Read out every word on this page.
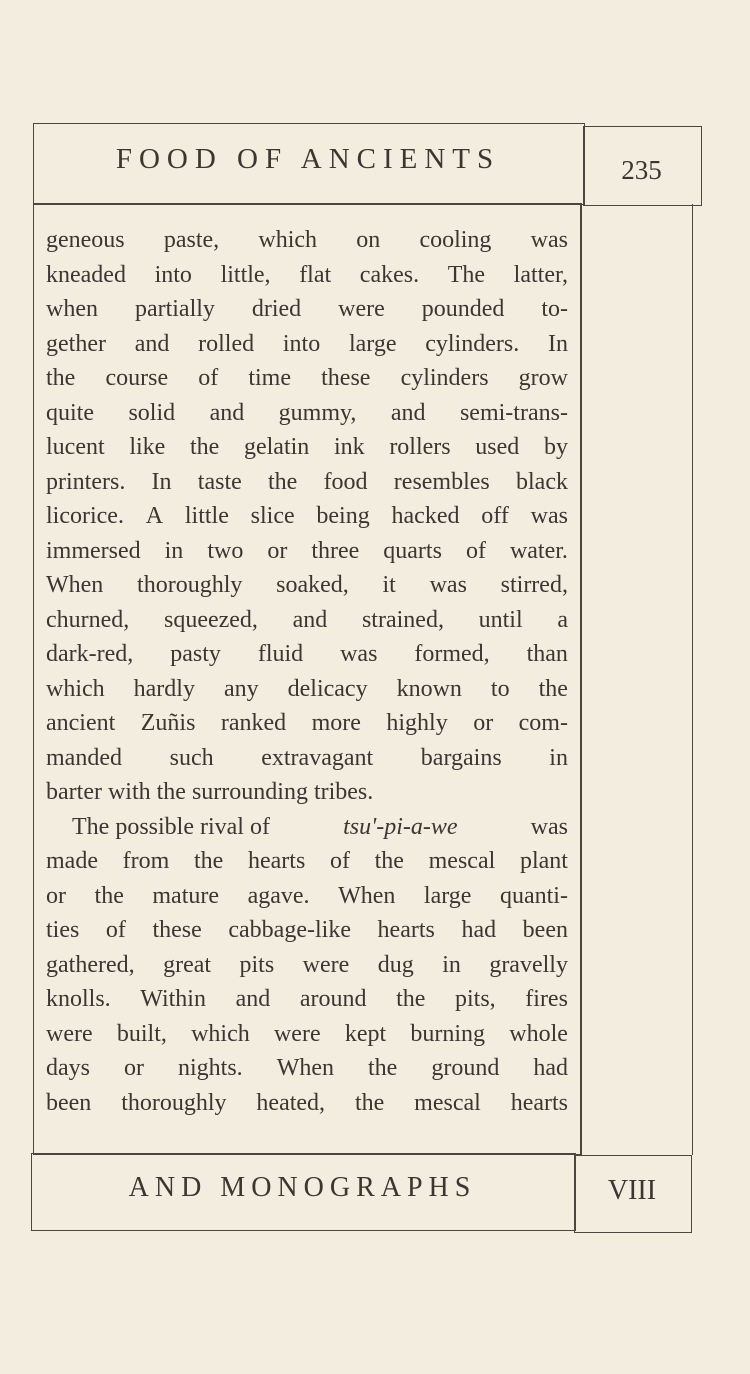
FOOD OF ANCIENTS	235
geneous paste, which on cooling was
kneaded into little, flat cakes. The latter,
when partially dried were pounded to-
gether and rolled into large cylinders. In
the course of time these cylinders grow
quite solid and gummy, and semi-trans-
lucent like the gelatin ink rollers used by
printers. In taste the food resembles black
licorice. A little slice being hacked off was
immersed in two or three quarts of water.
When thoroughly soaked, it was stirred,
churned, squeezed, and strained, until a
dark-red, pasty fluid was formed, than
which hardly any delicacy known to the
ancient Zuñis ranked more highly or com-
manded such extravagant bargains in
barter with the surrounding tribes.
The possible rival of	tsu'-pi-a-we	was
made from the hearts of the mescal plant
or the mature agave. When large quanti-
ties of these cabbage-like hearts had been
gathered, great pits were dug in gravelly
knolls. Within and around the pits, fires
were built, which were kept burning whole
days or nights. When the ground had
been thoroughly heated, the mescal hearts
AND MONOGRAPHS	VIII
